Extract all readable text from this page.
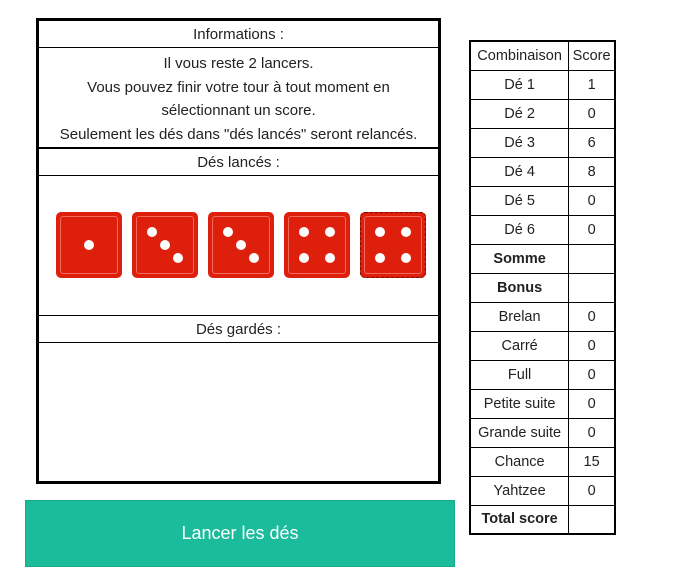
Informations :
Il vous reste 2 lancers.
Vous pouvez finir votre tour à tout moment en
sélectionnant un score.
Seulement les dés dans "dés lancés" seront relancés.
Dés lancés :
Dés gardés :
Lancer les dés
Combinaison	Score
Dé 1	1
Dé 2	0
Dé 3	6
Dé 4	8
Dé 5	0
Dé 6	0
Somme	
Bonus	
Brelan	0
Carré	0
Full	0
Petite suite	0
Grande suite	0
Chance	15
Yahtzee	0
Total score	
